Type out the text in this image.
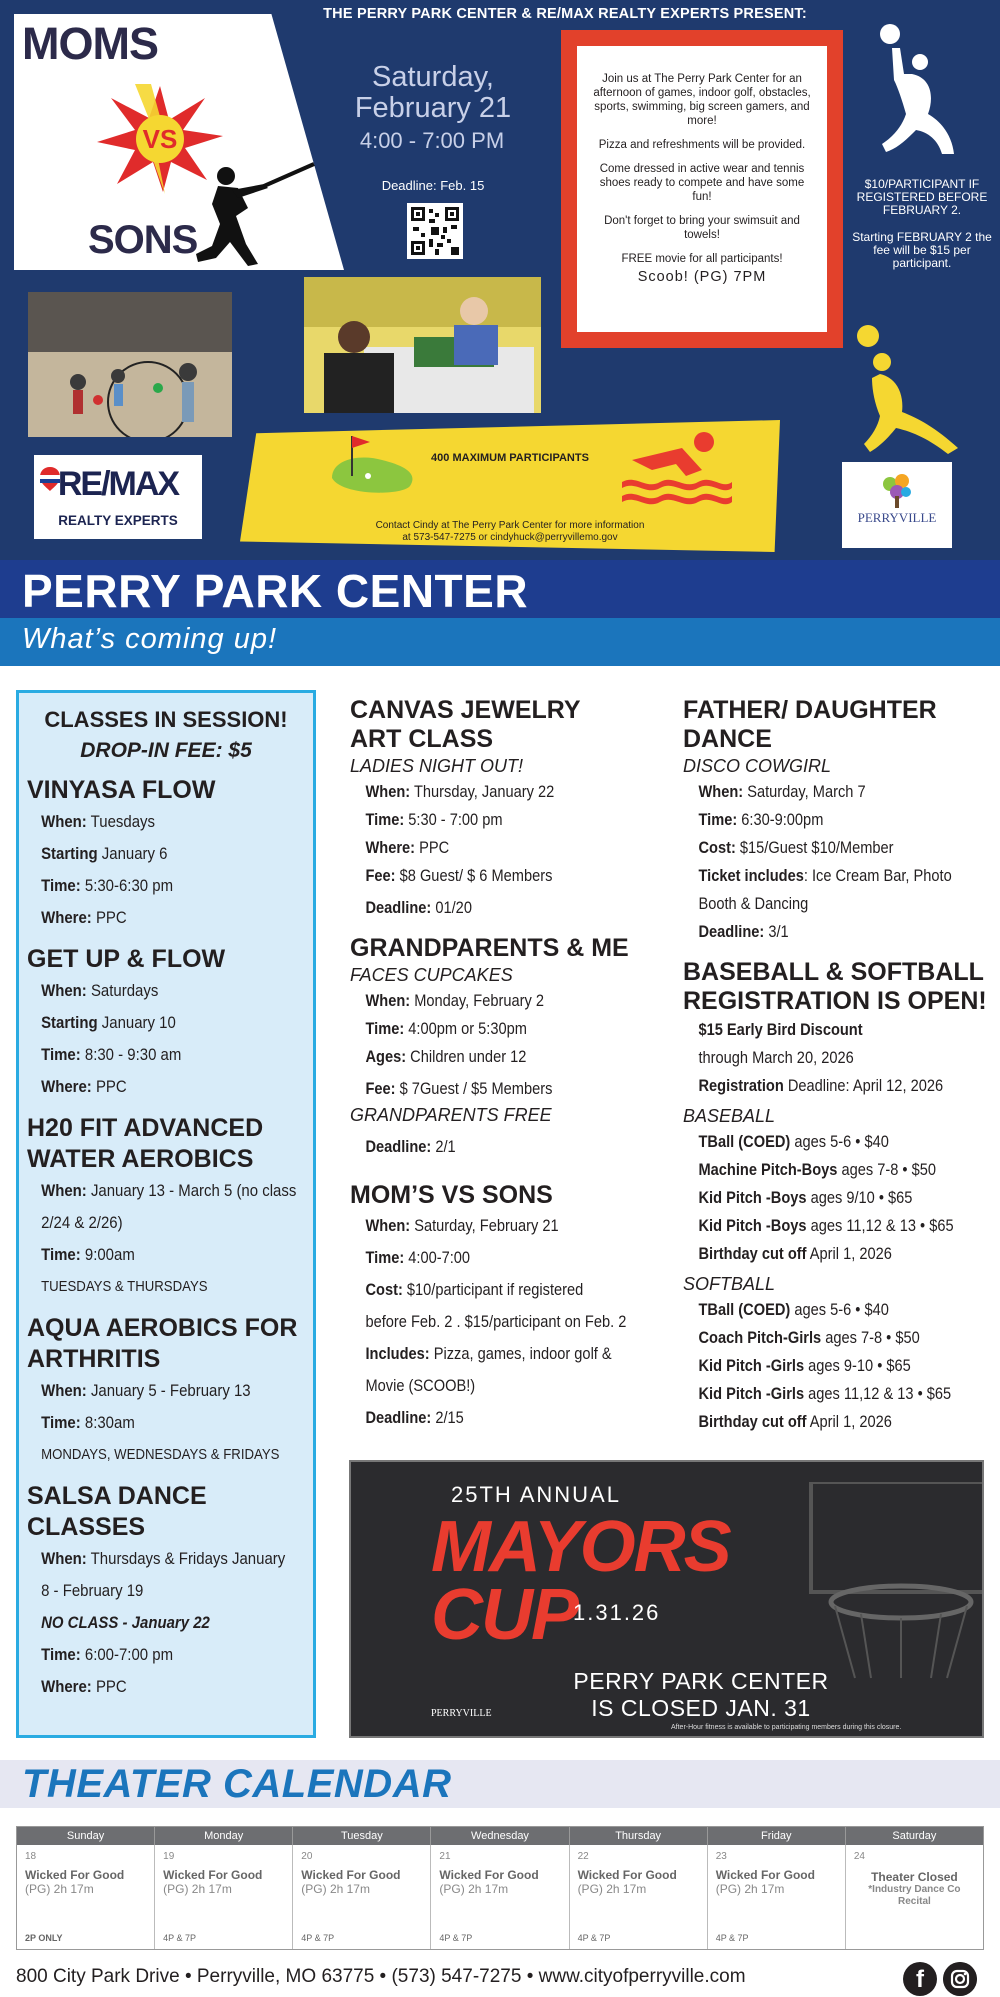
THE PERRY PARK CENTER & RE/MAX REALTY EXPERTS PRESENT:
MOMS
VS
SONS
Saturday,
February 21
4:00 - 7:00 PM
Deadline: Feb. 15

Join us at The Perry Park Center for an afternoon of games, indoor golf, obstacles, sports, swimming, big screen gamers, and more!

Pizza and refreshments will be provided.

Come dressed in active wear and tennis shoes ready to compete and have some fun!

Don't forget to bring your swimsuit and towels!

FREE movie for all participants!

Scoob! (PG) 7PM

$10/PARTICIPANT IF REGISTERED BEFORE FEBRUARY 2.

Starting FEBRUARY 2 the fee will be $15 per participant.

400 MAXIMUM PARTICIPANTS
Contact Cindy at The Perry Park Center for more information
at 573-547-7275 or cindyhuck@perryvillemo.gov
RE/MAX
REALTY EXPERTS	PERRYVILLE
PERRY PARK CENTER
What’s coming up!
CLASSES IN SESSION!
DROP-IN FEE: $5
VINYASA FLOW
When: Tuesdays
Starting January 6
Time: 5:30-6:30 pm
Where: PPC
GET UP & FLOW
When: Saturdays
Starting January 10
Time: 8:30 - 9:30 am
Where: PPC
H20 FIT ADVANCED
WATER AEROBICS
When: January 13 - March 5 (no class
2/24 & 2/26)
Time: 9:00am
TUESDAYS & THURSDAYS
AQUA AEROBICS FOR
ARTHRITIS
When: January 5 - February 13
Time: 8:30am
MONDAYS, WEDNESDAYS & FRIDAYS
SALSA DANCE
CLASSES
When: Thursdays & Fridays January
8 - February 19
NO CLASS - January 22
Time: 6:00-7:00 pm
Where: PPC
CANVAS JEWELRY
ART CLASS
LADIES NIGHT OUT!
When: Thursday, January 22
Time: 5:30 - 7:00 pm
Where: PPC
Fee: $8 Guest/ $ 6 Members
Deadline: 01/20
GRANDPARENTS & ME
FACES CUPCAKES
When: Monday, February 2
Time: 4:00pm or 5:30pm
Ages: Children under 12
Fee: $ 7Guest / $5 Members
GRANDPARENTS FREE
Deadline: 2/1
MOM’S VS SONS
When: Saturday, February 21
Time: 4:00-7:00
Cost: $10/participant if registered
before Feb. 2 . $15/participant on Feb. 2
Includes: Pizza, games, indoor golf &
Movie (SCOOB!)
Deadline: 2/15
FATHER/ DAUGHTER
DANCE
DISCO COWGIRL
When: Saturday, March 7
Time: 6:30-9:00pm
Cost: $15/Guest $10/Member
Ticket includes: Ice Cream Bar, Photo
Booth & Dancing
Deadline: 3/1
BASEBALL & SOFTBALL
REGISTRATION IS OPEN!
$15 Early Bird Discount
through March 20, 2026
Registration Deadline: April 12, 2026
BASEBALL
TBall (COED) ages 5-6 • $40
Machine Pitch-Boys ages 7-8 • $50
Kid Pitch -Boys ages 9/10 • $65
Kid Pitch -Boys ages 11,12 & 13 • $65
Birthday cut off April 1, 2026
SOFTBALL
TBall (COED) ages 5-6 • $40
Coach Pitch-Girls ages 7-8 • $50
Kid Pitch -Girls ages 9-10 • $65
Kid Pitch -Girls ages 11,12 & 13 • $65
Birthday cut off April 1, 2026
25TH ANNUAL
MAYORS
CUP
1.31.26
PERRY PARK CENTER
IS CLOSED JAN. 31
PERRYVILLE
After-Hour fitness is available to participating members during this closure.
THEATER CALENDAR
Sunday	Monday	Tuesday	Wednesday	Thursday	Friday	Saturday
18
Wicked For Good
(PG) 2h 17m
2P ONLY
19
Wicked For Good
(PG) 2h 17m
4P & 7P
20
Wicked For Good
(PG) 2h 17m
4P & 7P
21
Wicked For Good
(PG) 2h 17m
4P & 7P
22
Wicked For Good
(PG) 2h 17m
4P & 7P
23
Wicked For Good
(PG) 2h 17m
4P & 7P
24
Theater Closed
*Industry Dance Co Recital
800 City Park Drive • Perryville, MO 63775 • (573) 547-7275 • www.cityofperryville.com	f
